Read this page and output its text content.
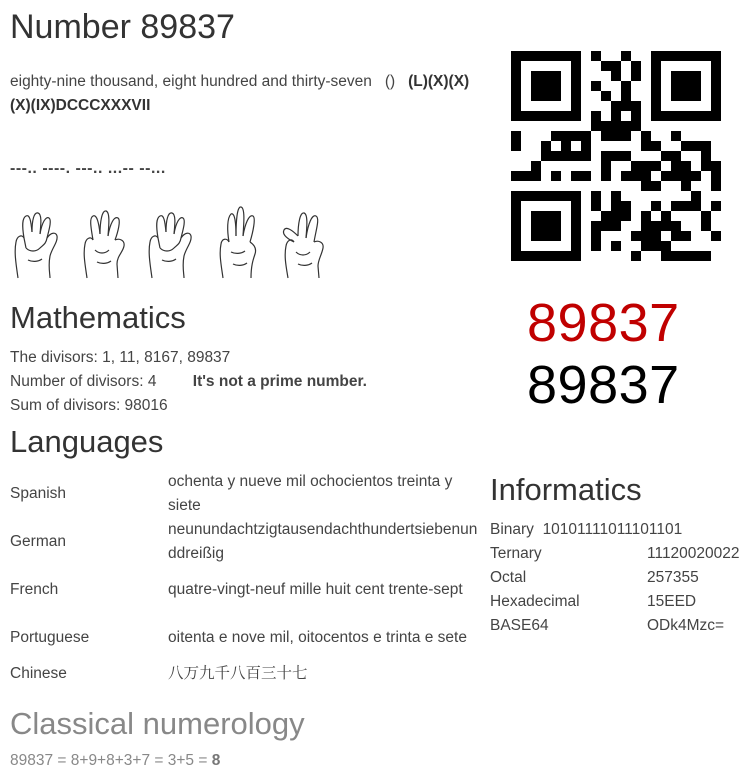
Number 89837
eighty-nine thousand, eight hundred and thirty-seven () (L)(X)(X)(X)(IX)DCCCXXXVII
---.. ----. ---.. ...-- --...
Mathematics
The divisors: 1, 11, 8167, 89837
Number of divisors: 4 It's not a prime number.
Sum of divisors: 98016
Languages
Spanish	ochenta y nueve mil ochocientos treinta y siete
German	neunundachtzigtausendachthundertsiebenunddreißig
French	quatre-vingt-neuf mille huit cent trente-sept
Portuguese	oitenta e nove mil, oitocentos e trinta e sete
Chinese	八万九千八百三十七
Classical numerology
89837 = 8+9+8+3+7 = 3+5 = 8
89837
89837
Informatics
Binary 10101111011101101
Ternary	11120020022
Octal	257355
Hexadecimal	15EED
BASE64	ODk4Mzc=
